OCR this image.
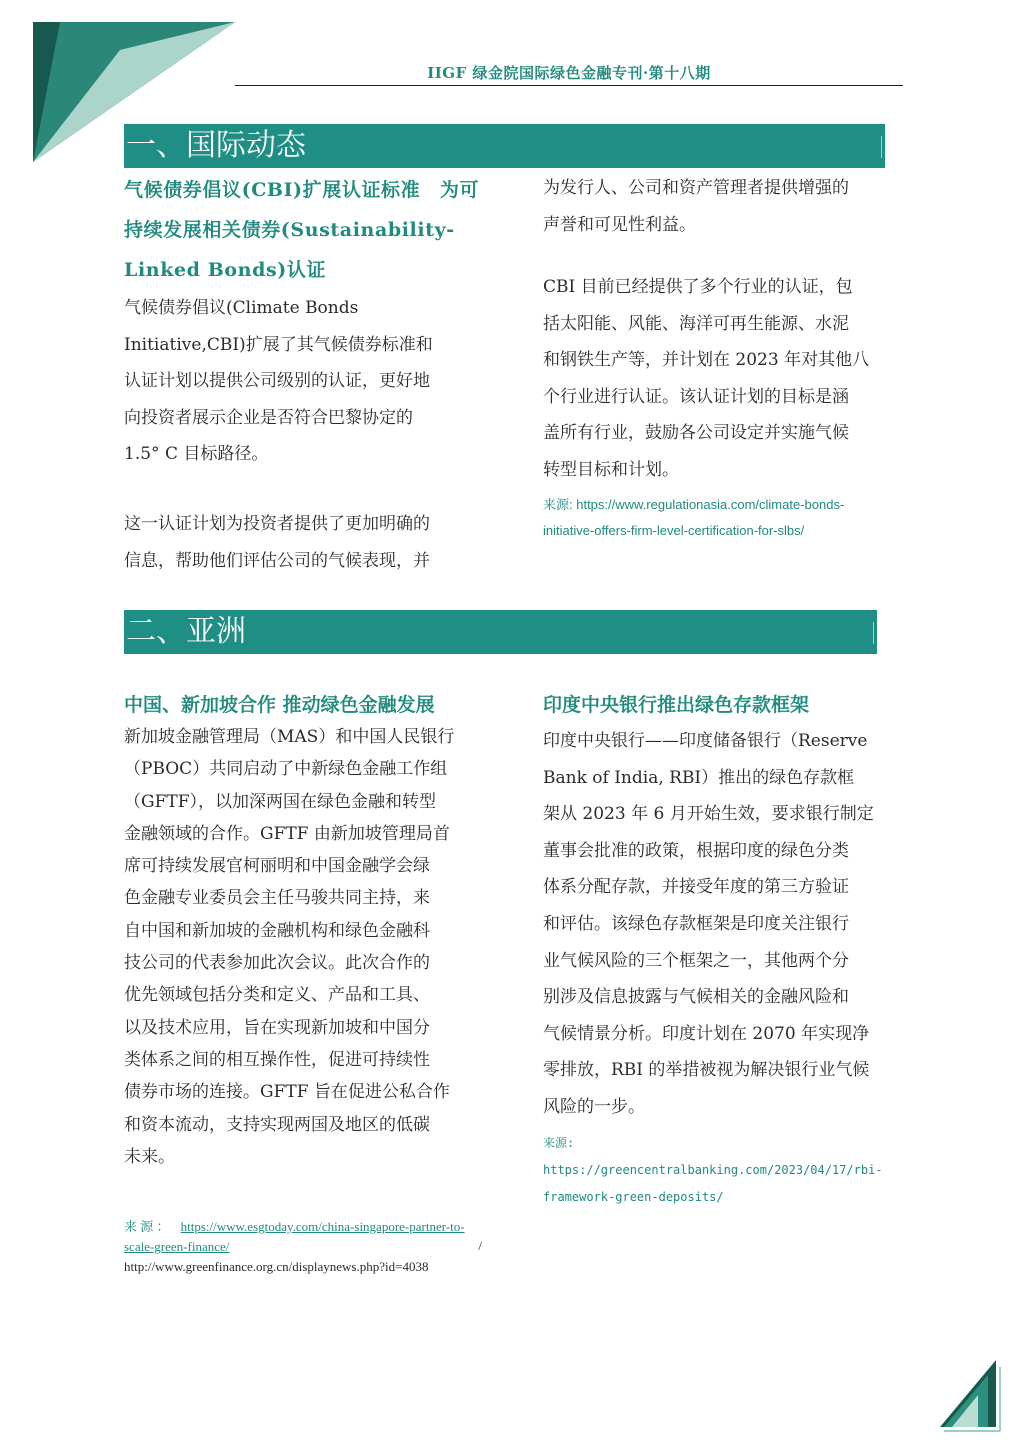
IIGF 绿金院国际绿色金融专刊·第十八期
一、国际动态
气候债券倡议(CBI)扩展认证标准　为可
持续发展相关债券(Sustainability-
Linked Bonds)认证
气候债券倡议(Climate Bonds
Initiative,CBI)扩展了其气候债券标准和
认证计划以提供公司级别的认证，更好地
向投资者展示企业是否符合巴黎协定的
1.5° C 目标路径。
这一认证计划为投资者提供了更加明确的
信息，帮助他们评估公司的气候表现，并
为发行人、公司和资产管理者提供增强的
声誉和可见性利益。
CBI 目前已经提供了多个行业的认证，包
括太阳能、风能、海洋可再生能源、水泥
和钢铁生产等，并计划在 2023 年对其他八
个行业进行认证。该认证计划的目标是涵
盖所有行业，鼓励各公司设定并实施气候
转型目标和计划。
来源: https://www.regulationasia.com/climate-bonds-
initiative-offers-firm-level-certification-for-slbs/
二、亚洲
中国、新加坡合作 推动绿色金融发展
新加坡金融管理局（MAS）和中国人民银行
（PBOC）共同启动了中新绿色金融工作组
（GFTF），以加深两国在绿色金融和转型
金融领域的合作。GFTF 由新加坡管理局首
席可持续发展官柯丽明和中国金融学会绿
色金融专业委员会主任马骏共同主持，来
自中国和新加坡的金融机构和绿色金融科
技公司的代表参加此次会议。此次合作的
优先领域包括分类和定义、产品和工具、
以及技术应用，旨在实现新加坡和中国分
类体系之间的相互操作性，促进可持续性
债券市场的连接。GFTF 旨在促进公私合作
和资本流动，支持实现两国及地区的低碳
未来。
来 源 ： https://www.esgtoday.com/china-singapore-partner-to-
scale-green-finance/	/
http://www.greenfinance.org.cn/displaynews.php?id=4038
印度中央银行推出绿色存款框架
印度中央银行——印度储备银行（Reserve
Bank of India, RBI）推出的绿色存款框
架从 2023 年 6 月开始生效，要求银行制定
董事会批准的政策，根据印度的绿色分类
体系分配存款，并接受年度的第三方验证
和评估。该绿色存款框架是印度关注银行
业气候风险的三个框架之一，其他两个分
别涉及信息披露与气候相关的金融风险和
气候情景分析。印度计划在 2070 年实现净
零排放，RBI 的举措被视为解决银行业气候
风险的一步。
来源:
https://greencentralbanking.com/2023/04/17/rbi-
framework-green-deposits/
